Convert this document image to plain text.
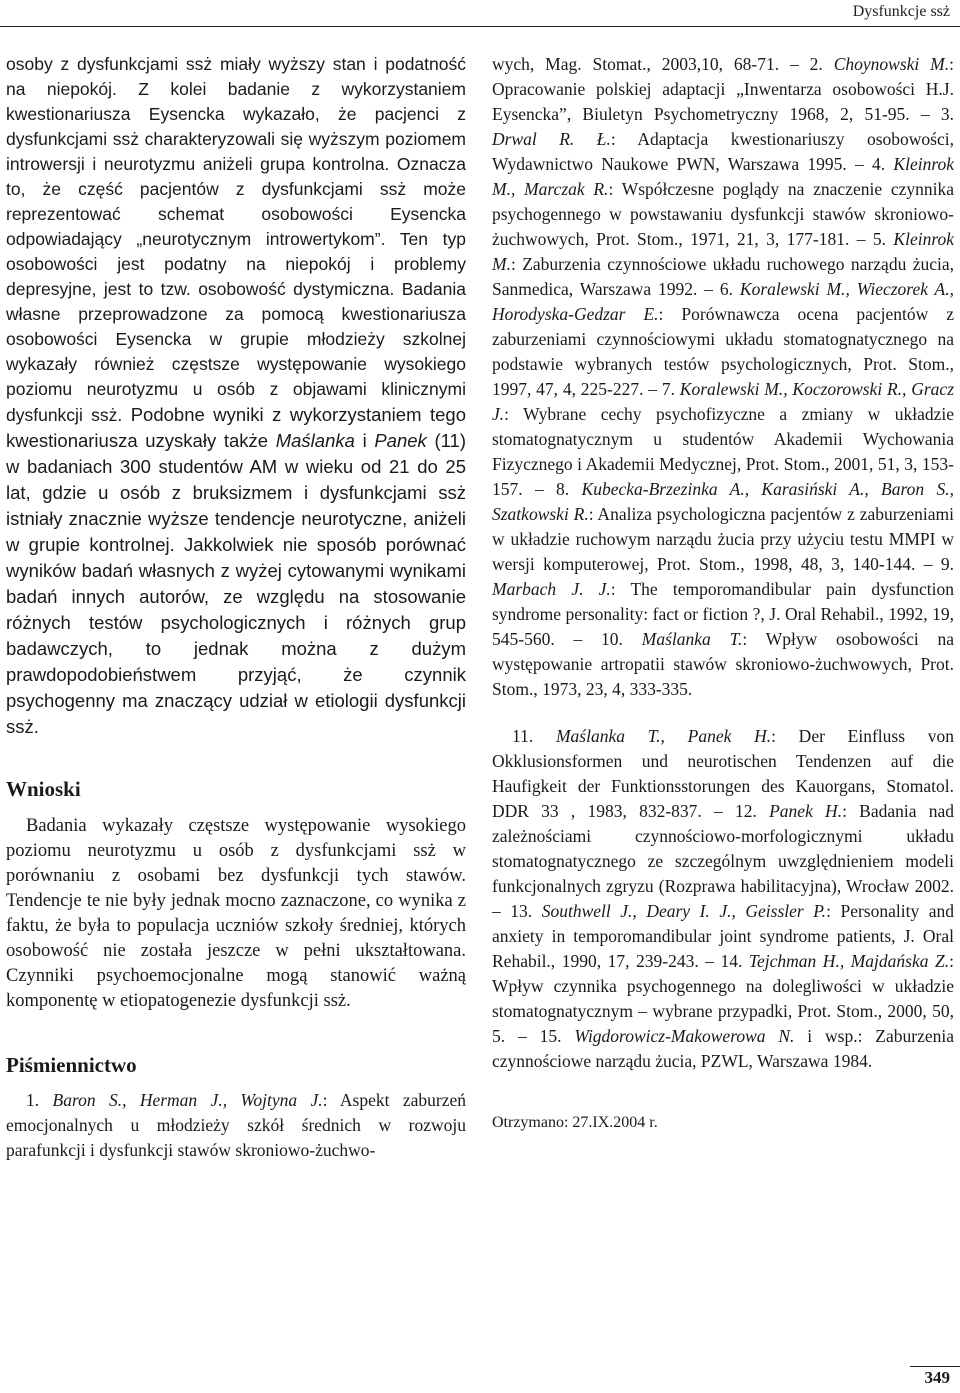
Dysfunkcje ssż

osoby z dysfunkcjami ssż miały wyższy stan i podatność na niepokój. Z kolei badanie z wykorzystaniem kwestionariusza Eysencka wykazało, że pacjenci z dysfunkcjami ssż charakteryzowali się wyższym poziomem introwersji i neurotyzmu aniżeli grupa kontrolna. Oznacza to, że część pacjentów z dysfunkcjami ssż może reprezentować schemat osobowości Eysencka odpowiadający „neurotycznym introwertykom”. Ten typ osobowości jest podatny na niepokój i problemy depresyjne, jest to tzw. osobowość dystymiczna. Badania własne przeprowadzone za pomocą kwestionariusza osobowości Eysencka w grupie młodzieży szkolnej wykazały również częstsze występowanie wysokiego poziomu neurotyzmu u osób z objawami klinicznymi dysfunkcji ssż. Podobne wyniki z wykorzystaniem tego kwestionariusza uzyskały także Maślanka i Panek (11) w badaniach 300 studentów AM w wieku od 21 do 25 lat, gdzie u osób z bruksizmem i dysfunkcjami ssż istniały znacznie wyższe tendencje neurotyczne, aniżeli w grupie kontrolnej. Jakkolwiek nie sposób porównać wyników badań własnych z wyżej cytowanymi wynikami badań innych autorów, ze względu na stosowanie różnych testów psychologicznych i różnych grup badawczych, to jednak można z dużym prawdopodobieństwem przyjąć, że czynnik psychogenny ma znaczący udział w etiologii dysfunkcji ssż.

Wnioski

Badania wykazały częstsze występowanie wysokiego poziomu neurotyzmu u osób z dysfunkcjami ssż w porównaniu z osobami bez dysfunkcji tych stawów. Tendencje te nie były jednak mocno zaznaczone, co wynika z faktu, że była to populacja uczniów szkoły średniej, których osobowość nie została jeszcze w pełni ukształtowana. Czynniki psychoemocjonalne mogą stanowić ważną komponentę w etiopatogenezie dysfunkcji ssż.

Piśmiennictwo

1. Baron S., Herman J., Wojtyna J.: Aspekt zaburzeń emocjonalnych u młodzieży szkół średnich w rozwoju parafunkcji i dysfunkcji stawów skroniowo-żuchwo-

wych, Mag. Stomat., 2003,10, 68-71. – 2. Choynowski M.: Opracowanie polskiej adaptacji „Inwentarza osobowości H.J. Eysencka”, Biuletyn Psychometryczny 1968, 2, 51-95. – 3. Drwal R. Ł.: Adaptacja kwestionariuszy osobowości, Wydawnictwo Naukowe PWN, Warszawa 1995. – 4. Kleinrok M., Marczak R.: Współczesne poglądy na znaczenie czynnika psychogennego w powstawaniu dysfunkcji stawów skroniowo-żuchwowych, Prot. Stom., 1971, 21, 3, 177-181. – 5. Kleinrok M.: Zaburzenia czynnościowe układu ruchowego narządu żucia, Sanmedica, Warszawa 1992. – 6. Koralewski M., Wieczorek A., Horodyska-Gedzar E.: Porównawcza ocena pacjentów z zaburzeniami czynnościowymi układu stomatognatycznego na podstawie wybranych testów psychologicznych, Prot. Stom., 1997, 47, 4, 225-227. – 7. Koralewski M., Koczorowski R., Gracz J.: Wybrane cechy psychofizyczne a zmiany w układzie stomatognatycznym u studentów Akademii Wychowania Fizycznego i Akademii Medycznej, Prot. Stom., 2001, 51, 3, 153-157. – 8. Kubecka-Brzezinka A., Karasiński A., Baron S., Szatkowski R.: Analiza psychologiczna pacjentów z zaburzeniami w układzie ruchowym narządu żucia przy użyciu testu MMPI w wersji komputerowej, Prot. Stom., 1998, 48, 3, 140-144. – 9. Marbach J. J.: The temporomandibular pain dysfunction syndrome personality: fact or fiction ?, J. Oral Rehabil., 1992, 19, 545-560. – 10. Maślanka T.: Wpływ osobowości na występowanie artropatii stawów skroniowo-żuchwowych, Prot. Stom., 1973, 23, 4, 333-335.

11. Maślanka T., Panek H.: Der Einfluss von Okklusionsformen und neurotischen Tendenzen auf die Haufigkeit der Funktionsstorungen des Kauorgans, Stomatol. DDR 33 , 1983, 832-837. – 12. Panek H.: Badania nad zależnościami czynnościowo-morfologicznymi układu stomatognatycznego ze szczególnym uwzględnieniem modeli funkcjonalnych zgryzu (Rozprawa habilitacyjna), Wrocław 2002. – 13. Southwell J., Deary I. J., Geissler P.: Personality and anxiety in temporomandibular joint syndrome patients, J. Oral Rehabil., 1990, 17, 239-243. – 14. Tejchman H., Majdańska Z.: Wpływ czynnika psychogennego na dolegliwości w układzie stomatognatycznym – wybrane przypadki, Prot. Stom., 2000, 50, 5. – 15. Wigdorowicz-Makowerowa N. i wsp.: Zaburzenia czynnościowe narządu żucia, PZWL, Warszawa 1984.

Otrzymano: 27.IX.2004 r.

349
